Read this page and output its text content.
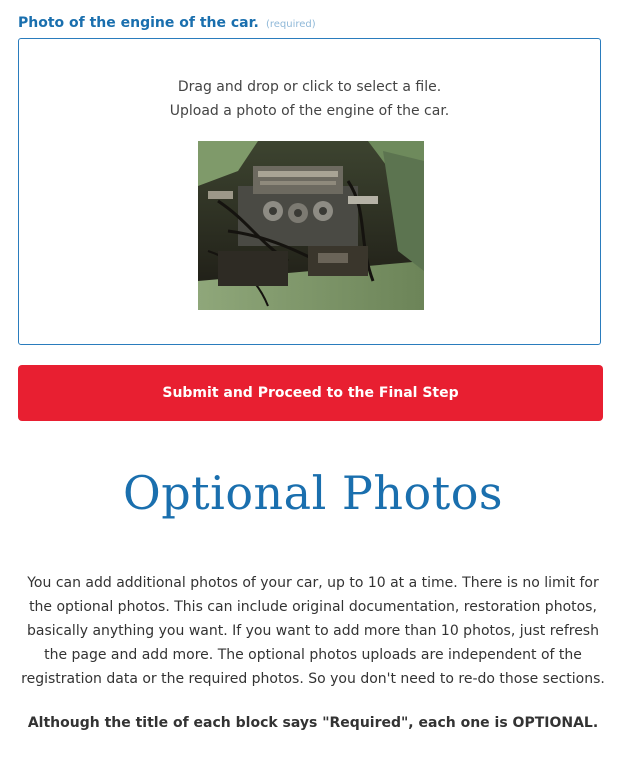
Photo of the engine of the car. (required)
Drag and drop or click to select a file.
Upload a photo of the engine of the car.
Submit and Proceed to the Final Step
Optional Photos
You can add additional photos of your car, up to 10 at a time. There is no limit for the optional photos. This can include original documentation, restoration photos, basically anything you want. If you want to add more than 10 photos, just refresh the page and add more. The optional photos uploads are independent of the registration data or the required photos. So you don't need to re-do those sections.
Although the title of each block says "Required", each one is OPTIONAL.
